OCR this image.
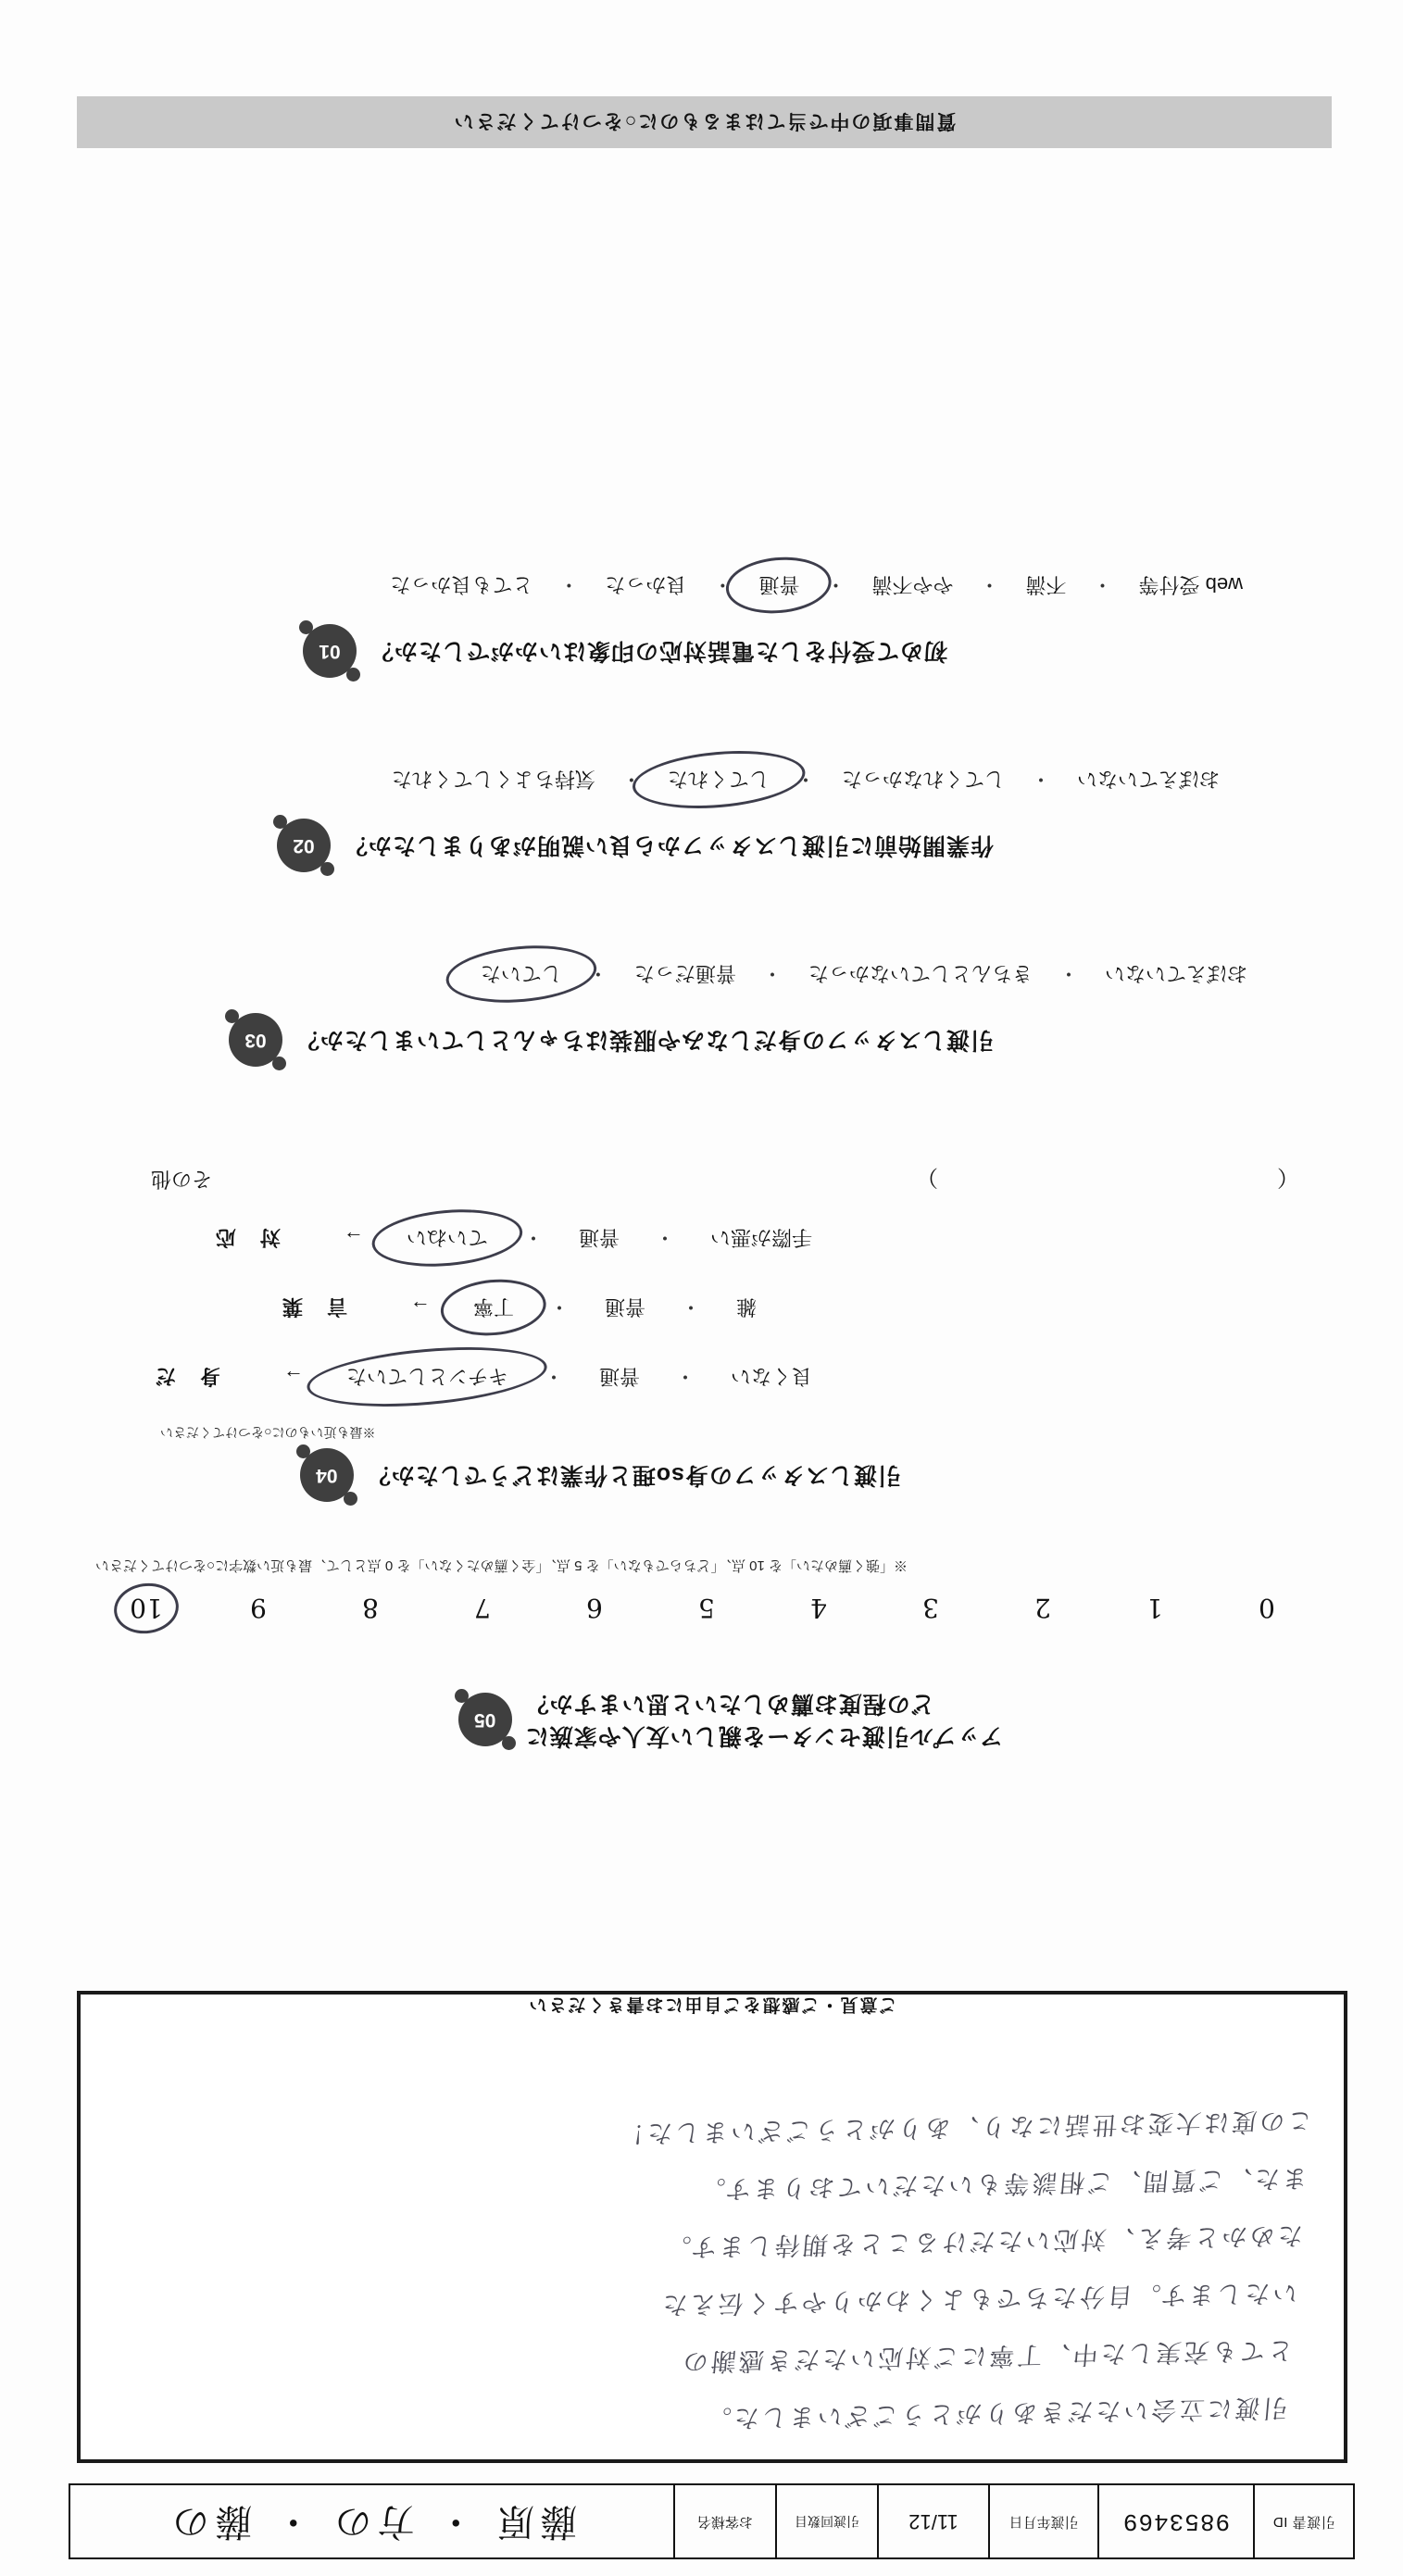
引渡書 ID
9853469
引渡年月日
11/12
引渡回数目
お客様名
藤原 ・ 方の ・ 藤の
引渡に立会いただきありがとうございました。
とても充実した中、丁寧にご対応いただき感謝の
いたします。自分たちでもよくわかりやすく伝えた
ためかと考え、対応いただけることを期待します。
また、ご質問、ご相談等もいただいております。
この度は大変お世話になり、ありがとうございました！
ご意見・ご感想をご自由にお書きください
05
アップル引渡センターを親しい友人や家族に
どの程度お薦めしたいと思いますか？
※「強く薦めたい」を 10 点、「どちらでもない」を 5 点、「全く薦めたくない」を 0 点として、最も近い数字に○をつけてください
10	9	8	7	6	5	4	3	2	1	0
04	引渡しスタッフの身so理と作業はどうでしたか？
※最も近いものに○をつけてください
身　だ	→	キチンとしていた	・	普通	・	良くない
言　葉	→	丁寧	・	普通	・	雑
対　応	→	ていねい	・	普通	・	手際が悪い
その他	（　　　　　　　　　　　　　　）
03	引渡しスタッフの身だしなみや服装はちゃんとしていましたか？
していた	・	普通だった	・	きちんとしていなかった	・	おぼえていない
02	作業開始前に引渡しスタッフから良い説明がありましたか？
気持ちよくしてくれた	・	してくれた	・	してくれなかった	・	おぼえていない
01	初めて受付をした電話対応の印象はいかがでしたか？
とても良かった	・	良かった	・	普通	・	やや不満	・	不満	・	web 受付等
質問事項の中で当てはまるものに○をつけてください
